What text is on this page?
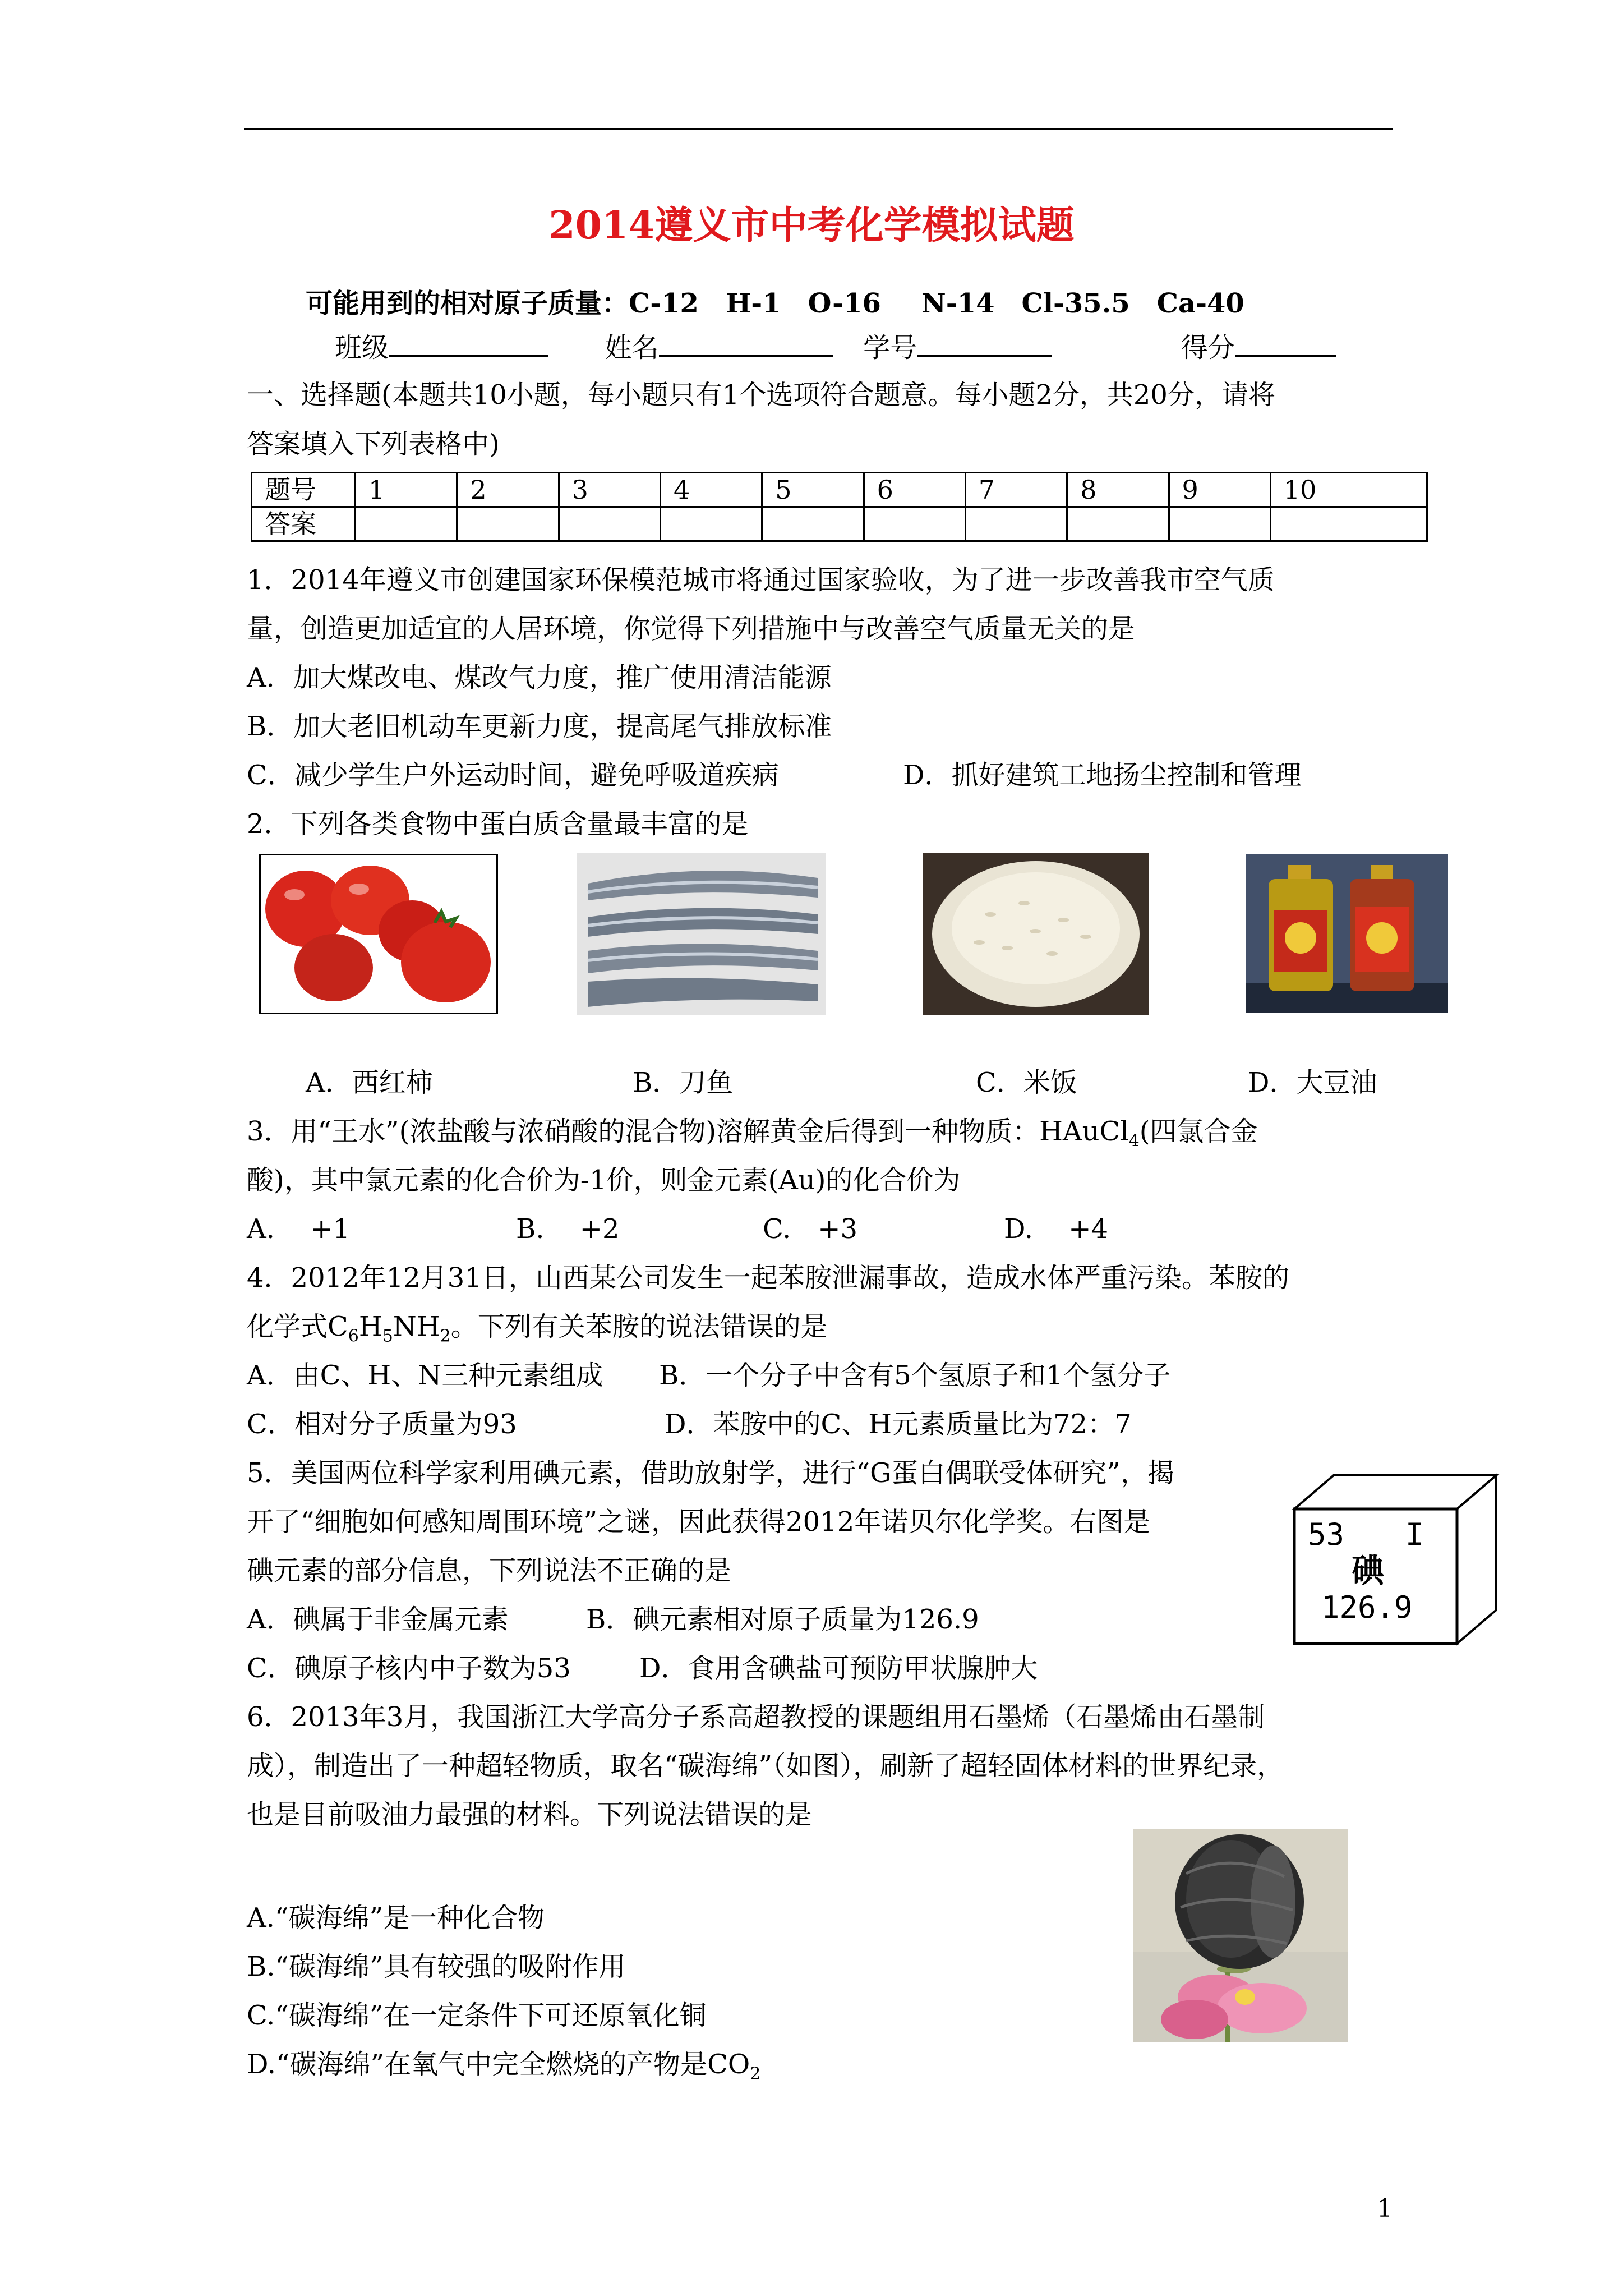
2014遵义市中考化学模拟试题
可能用到的相对原子质量：C-12 H-1 O-16 N-14 Cl-35.5 Ca-40
班级	姓名	学号	得分
一、选择题(本题共10小题，每小题只有1个选项符合题意。每小题2分，共20分，请将
答案填入下列表格中)
题号	1	2	3	4	5	6	7	8	9	10
答案										
1．2014年遵义市创建国家环保模范城市将通过国家验收，为了进一步改善我市空气质
量，创造更加适宜的人居环境，你觉得下列措施中与改善空气质量无关的是
A．加大煤改电、煤改气力度，推广使用清洁能源
B．加大老旧机动车更新力度，提高尾气排放标准
C．减少学生户外运动时间，避免呼吸道疾病	D．抓好建筑工地扬尘控制和管理
2．下列各类食物中蛋白质含量最丰富的是
A．西红柿	B．刀鱼	C．米饭	D．大豆油
3．用“王水”(浓盐酸与浓硝酸的混合物)溶解黄金后得到一种物质：HAuCl$_4$(四氯合金
酸)，其中氯元素的化合价为-1价，则金元素(Au)的化合价为
A.　 +1	B.　 +2	C.　+3	D.　 +4
4．2012年12月31日，山西某公司发生一起苯胺泄漏事故，造成水体严重污染。苯胺的
化学式$C_6H_5NH_2$。下列有关苯胺的说法错误的是
A．由C、H、N三种元素组成 B．一个分子中含有5个氢原子和1个氢分子
C．相对分子质量为93	D．苯胺中的C、H元素质量比为72：7
5．美国两位科学家利用碘元素，借助放射学，进行“G蛋白偶联受体研究”，揭
开了“细胞如何感知周围环境”之谜，因此获得2012年诺贝尔化学奖。右图是
碘元素的部分信息，下列说法不正确的是
A．碘属于非金属元素	B．碘元素相对原子质量为126.9
C．碘原子核内中子数为53	D．食用含碘盐可预防甲状腺肿大
53 I
碘
126.9
6．2013年3月，我国浙江大学高分子系高超教授的课题组用石墨烯（石墨烯由石墨制
成），制造出了一种超轻物质，取名“碳海绵”（如图），刷新了超轻固体材料的世界纪录，
也是目前吸油力最强的材料。下列说法错误的是
A.“碳海绵”是一种化合物
B.“碳海绵”具有较强的吸附作用
C.“碳海绵”在一定条件下可还原氧化铜
D.“碳海绵”在氧气中完全燃烧的产物是$CO_2$
1
